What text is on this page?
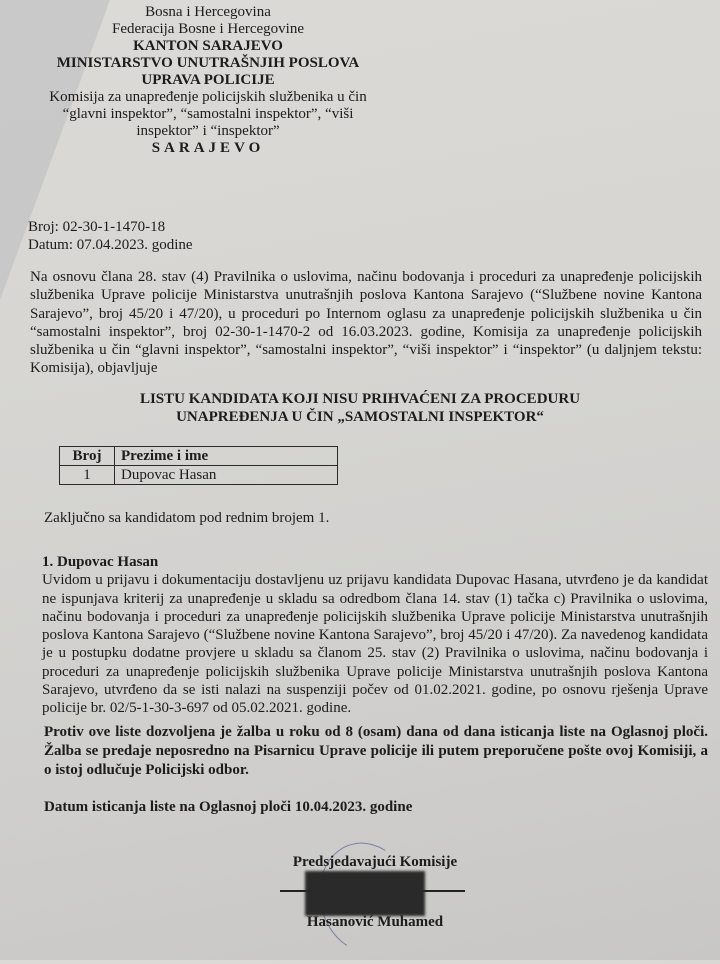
Bosna i Hercegovina
Federacija Bosne i Hercegovine
KANTON SARAJEVO
MINISTARSTVO UNUTRAŠNJIH POSLOVA
UPRAVA POLICIJE
Komisija za unapređenje policijskih službenika u čin
“glavni inspektor”, “samostalni inspektor”, “viši
inspektor” i “inspektor”
SARAJEVO
Broj: 02-30-1-1470-18
Datum: 07.04.2023. godine
Na osnovu člana 28. stav (4) Pravilnika o uslovima, načinu bodovanja i proceduri za unapređenje policijskih službenika Uprave policije Ministarstva unutrašnjih poslova Kantona Sarajevo (“Službene novine Kantona Sarajevo”, broj 45/20 i 47/20), u proceduri po Internom oglasu za unapređenje policijskih službenika u čin “samostalni inspektor”, broj 02-30-1-1470-2 od 16.03.2023. godine, Komisija za unapređenje policijskih službenika u čin “glavni inspektor”, “samostalni inspektor”, “viši inspektor” i “inspektor” (u daljnjem tekstu: Komisija), objavljuje
LISTU KANDIDATA KOJI NISU PRIHVAĆENI ZA PROCEDURU
UNAPREĐENJA U ČIN „SAMOSTALNI INSPEKTOR“
Broj	Prezime i ime
1	Dupovac Hasan
Zaključno sa kandidatom pod rednim brojem 1.
1. Dupovac Hasan
Uvidom u prijavu i dokumentaciju dostavljenu uz prijavu kandidata Dupovac Hasana, utvrđeno je da kandidat ne ispunjava kriterij za unapređenje u skladu sa odredbom člana 14. stav (1) tačka c) Pravilnika o uslovima, načinu bodovanja i proceduri za unapređenje policijskih službenika Uprave policije Ministarstva unutrašnjih poslova Kantona Sarajevo (“Službene novine Kantona Sarajevo”, broj 45/20 i 47/20). Za navedenog kandidata je u postupku dodatne provjere u skladu sa članom 25. stav (2) Pravilnika o uslovima, načinu bodovanja i proceduri za unapređenje policijskih službenika Uprave policije Ministarstva unutrašnjih poslova Kantona Sarajevo, utvrđeno da se isti nalazi na suspenziji počev od 01.02.2021. godine, po osnovu rješenja Uprave policije br. 02/5-1-30-3-697 od 05.02.2021. godine.
Protiv ove liste dozvoljena je žalba u roku od 8 (osam) dana od dana isticanja liste na Oglasnoj ploči. Žalba se predaje neposredno na Pisarnicu Uprave policije ili putem preporučene pošte ovoj Komisiji, a o istoj odlučuje Policijski odbor.
Datum isticanja liste na Oglasnoj ploči 10.04.2023. godine
Predsjedavajući Komisije
Hasanović Muhamed
